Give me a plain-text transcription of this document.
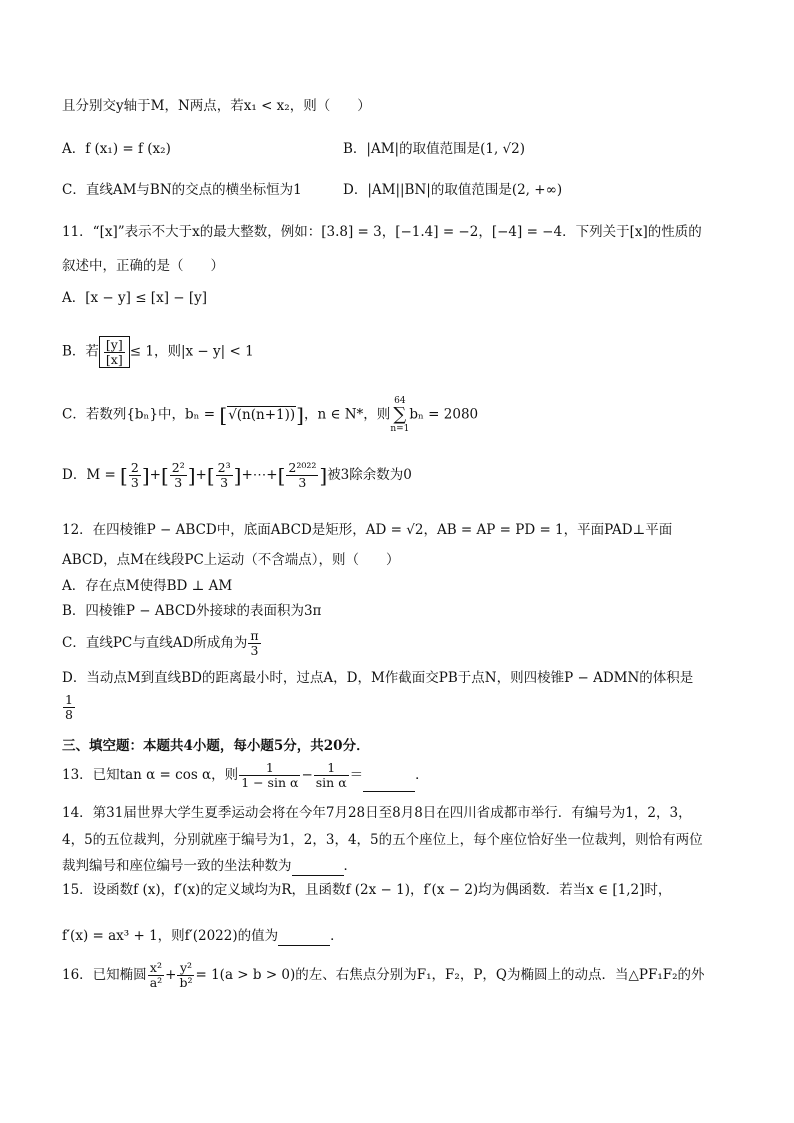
且分别交y轴于M，N两点，若x₁ < x₂，则（　　）
A．f (x₁) = f (x₂)	B．|AM|的取值范围是(1, √2)
C．直线AM与BN的交点的横坐标恒为1	D．|AM||BN|的取值范围是(2, +∞)
11．“[x]”表示不大于x的最大整数，例如：[3.8] = 3，[−1.4] = −2，[−4] = −4．下列关于[x]的性质的
叙述中，正确的是（　　）
A．[x − y] ≤ [x] − [y]
B．若 $\frac{[y]}{[x]} \le 1$，则|x − y| < 1
C．若数列{bₙ}中，bₙ = [√(n(n+1))]，n ∈ N*，则64
∑
n=1bₙ = 2080
D．M = [ $\frac{2}{3}$ ]+[ $\frac{\text{2²}}{3}$ ]+[ $\frac{\text{2³}}{3}$ ]+⋯+[ $\frac{\text{2²⁰²²}}{3}$ ]被3除余数为0
12．在四棱锥P − ABCD中，底面ABCD是矩形，AD = √2，AB = AP = PD = 1，平面PAD⊥平面
ABCD，点M在线段PC上运动（不含端点），则（　　）
A．存在点M使得BD ⊥ AM
B．四棱锥P − ABCD外接球的表面积为3π
C．直线PC与直线AD所成角为 $\frac{\pi}{3}$
D．当动点M到直线BD的距离最小时，过点A，D，M作截面交PB于点N，则四棱锥P − ADMN的体积是
$\frac{1}{8}$
三、填空题：本题共4小题，每小题5分，共20分．
13．已知tan α = cos α，则 $\frac{1}{\text{1 − sin α}} - \frac{1}{\text{sin α}}$ ＝	．
14．第31届世界大学生夏季运动会将在今年7月28日至8月8日在四川省成都市举行．有编号为1，2，3，
4，5的五位裁判，分别就座于编号为1，2，3，4，5的五个座位上，每个座位恰好坐一位裁判，则恰有两位
裁判编号和座位编号一致的坐法种数为	．
15．设函数f (x)，f′(x)的定义域均为R，且函数f (2x − 1)，f′(x − 2)均为偶函数．若当x ∈ [1,2]时，
f′(x) = ax³ + 1，则f′(2022)的值为	．
16．已知椭圆 $\frac{\text{x²}}{\text{a²}} + \frac{\text{y²}}{\text{b²}} = 1(a > b > 0)$的左、右焦点分别为F₁，F₂，P，Q为椭圆上的动点．当△PF₁F₂的外
